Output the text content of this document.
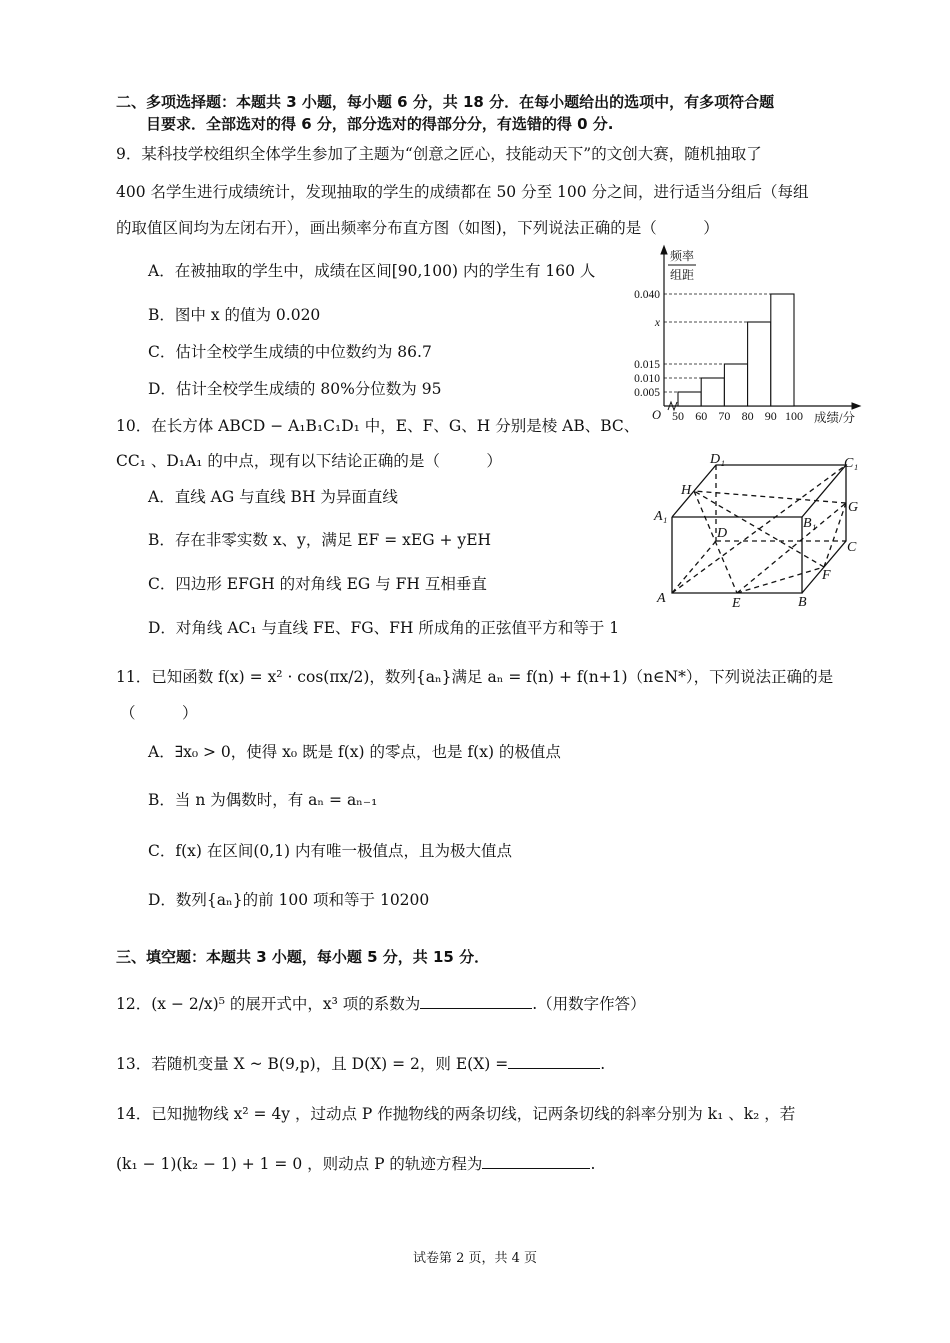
二、多项选择题：本题共 3 小题，每小题 6 分，共 18 分．在每小题给出的选项中，有多项符合题
目要求．全部选对的得 6 分，部分选对的得部分分，有选错的得 0 分.
9．某科技学校组织全体学生参加了主题为“创意之匠心，技能动天下”的文创大赛，随机抽取了
400 名学生进行成绩统计，发现抽取的学生的成绩都在 50 分至 100 分之间，进行适当分组后（每组
的取值区间均为左闭右开），画出频率分布直方图（如图)，下列说法正确的是（　　　）
A．在被抽取的学生中，成绩在区间[90,100) 内的学生有 160 人
B．图中 x 的值为 0.020
C．估计全校学生成绩的中位数约为 86.7
D．估计全校学生成绩的 80%分位数为 95
0.040
x
0.015
0.010
0.005
50 60 70 80 90 100
O	成绩/分
频率
组距
10．在长方体 ABCD − A₁B₁C₁D₁ 中，E、F、G、H 分别是棱 AB、BC、
CC₁ 、D₁A₁ 的中点，现有以下结论正确的是（　　　）
A．直线 AG 与直线 BH 为异面直线
B．存在非零实数 x、y，满足 EF = xEG + yEH
C．四边形 EFGH 的对角线 EG 与 FH 互相垂直
D．对角线 AC₁ 与直线 FE、FG、FH 所成角的正弦值平方和等于 1
A	B
C
D
A₁	B₁
C₁
D₁
E
F
G
H
11．已知函数 f(x) = x² · cos(πx/2)，数列{aₙ}满足 aₙ = f(n) + f(n+1)（n∈N*），下列说法正确的是
（　　　）
A．∃x₀ > 0，使得 x₀ 既是 f(x) 的零点，也是 f(x) 的极值点
B．当 n 为偶数时，有 aₙ = aₙ₋₁
C．f(x) 在区间(0,1) 内有唯一极值点，且为极大值点
D．数列{aₙ}的前 100 项和等于 10200
三、填空题：本题共 3 小题，每小题 5 分，共 15 分．
12．(x − 2/x)⁵ 的展开式中，x³ 项的系数为	.（用数字作答）
13．若随机变量 X ~ B(9,p)，且 D(X) = 2，则 E(X) =	.
14．已知抛物线 x² = 4y ，过动点 P 作抛物线的两条切线，记两条切线的斜率分别为 k₁ 、k₂ ，若
(k₁ − 1)(k₂ − 1) + 1 = 0 ，则动点 P 的轨迹方程为	.
试卷第 2 页，共 4 页
